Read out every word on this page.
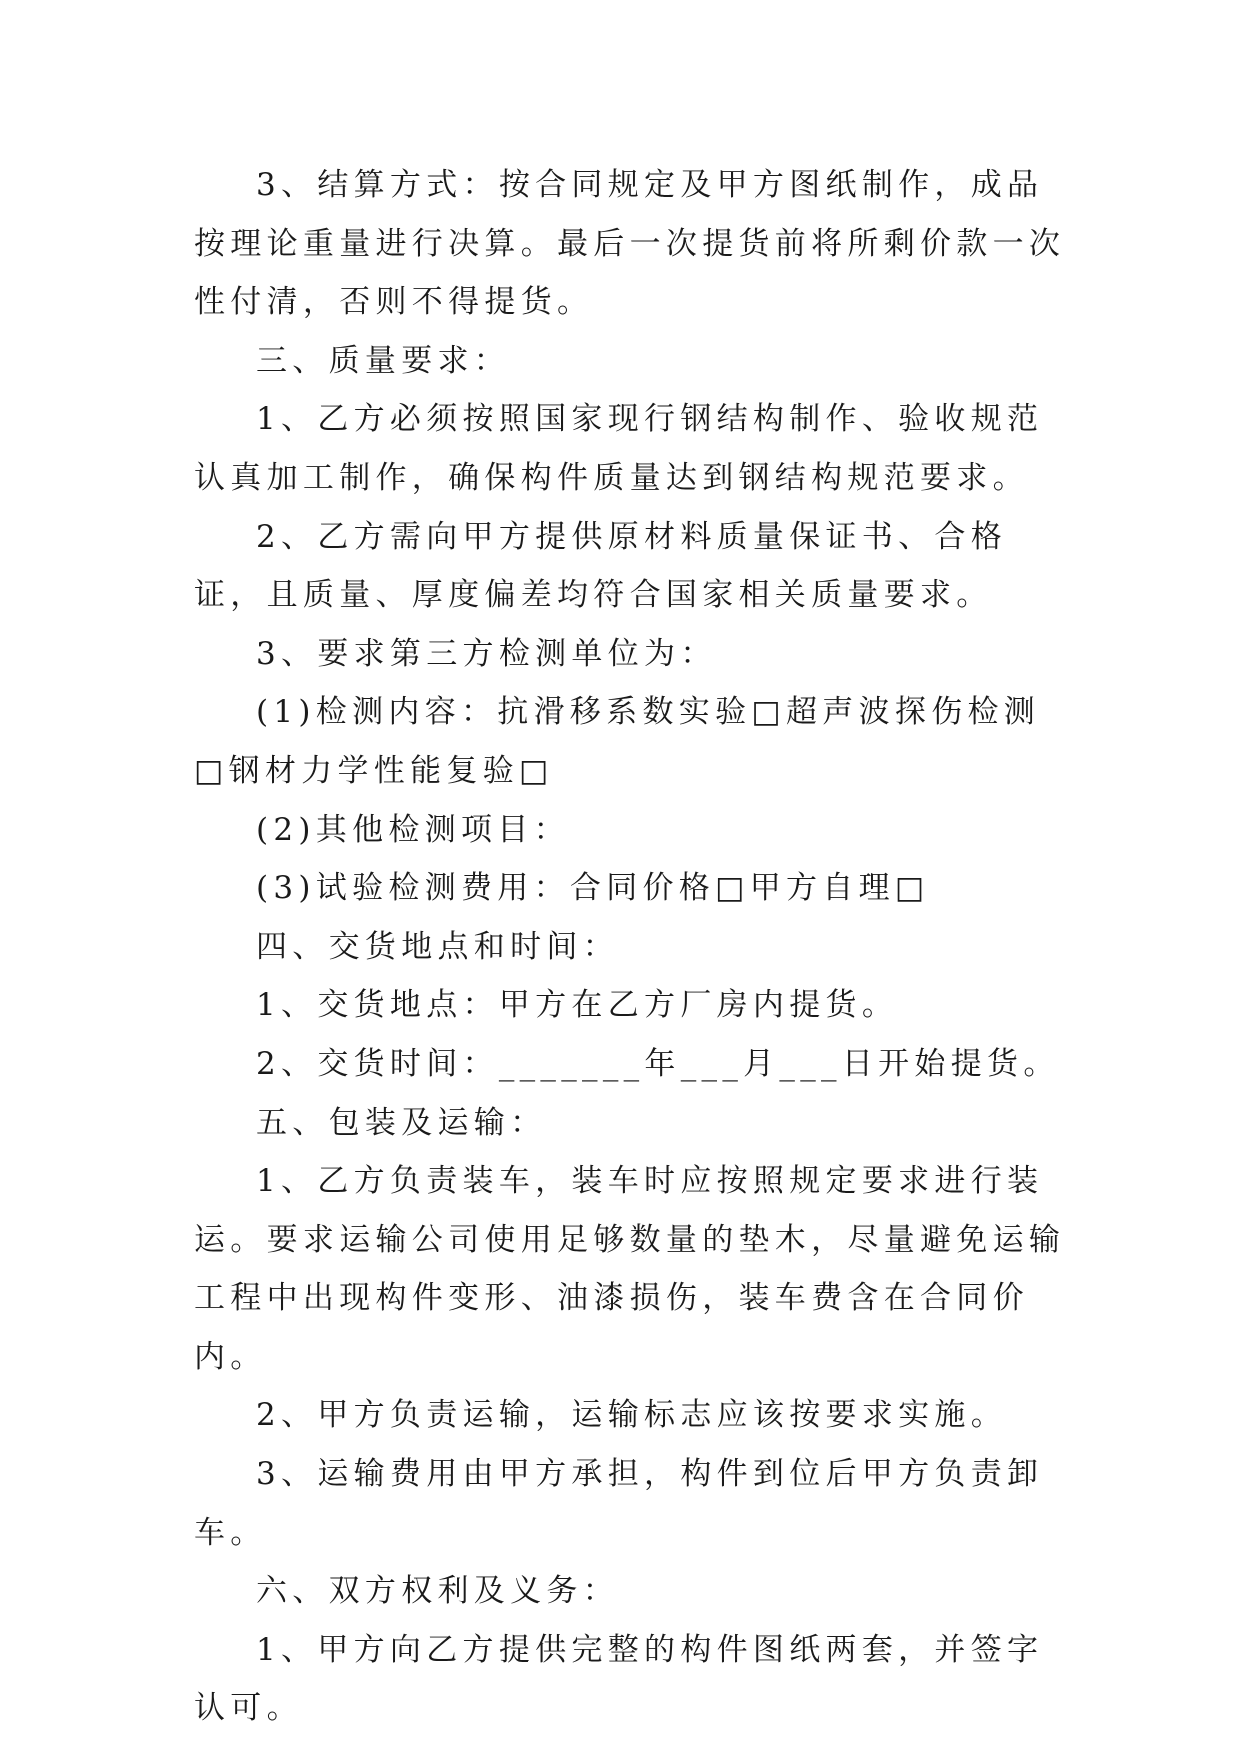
3、结算方式：按合同规定及甲方图纸制作，成品按理论重量进行决算。最后一次提货前将所剩价款一次性付清，否则不得提货。

三、质量要求：

1、乙方必须按照国家现行钢结构制作、验收规范认真加工制作，确保构件质量达到钢结构规范要求。

2、乙方需向甲方提供原材料质量保证书、合格证，且质量、厚度偏差均符合国家相关质量要求。

3、要求第三方检测单位为：

(1)检测内容：抗滑移系数实验□超声波探伤检测□钢材力学性能复验□

(2)其他检测项目：

(3)试验检测费用：合同价格□甲方自理□

四、交货地点和时间：

1、交货地点：甲方在乙方厂房内提货。

2、交货时间：_______年___月___日开始提货。

五、包装及运输：

1、乙方负责装车，装车时应按照规定要求进行装运。要求运输公司使用足够数量的垫木，尽量避免运输工程中出现构件变形、油漆损伤，装车费含在合同价内。

2、甲方负责运输，运输标志应该按要求实施。

3、运输费用由甲方承担，构件到位后甲方负责卸车。

六、双方权利及义务：

1、甲方向乙方提供完整的构件图纸两套，并签字认可。
